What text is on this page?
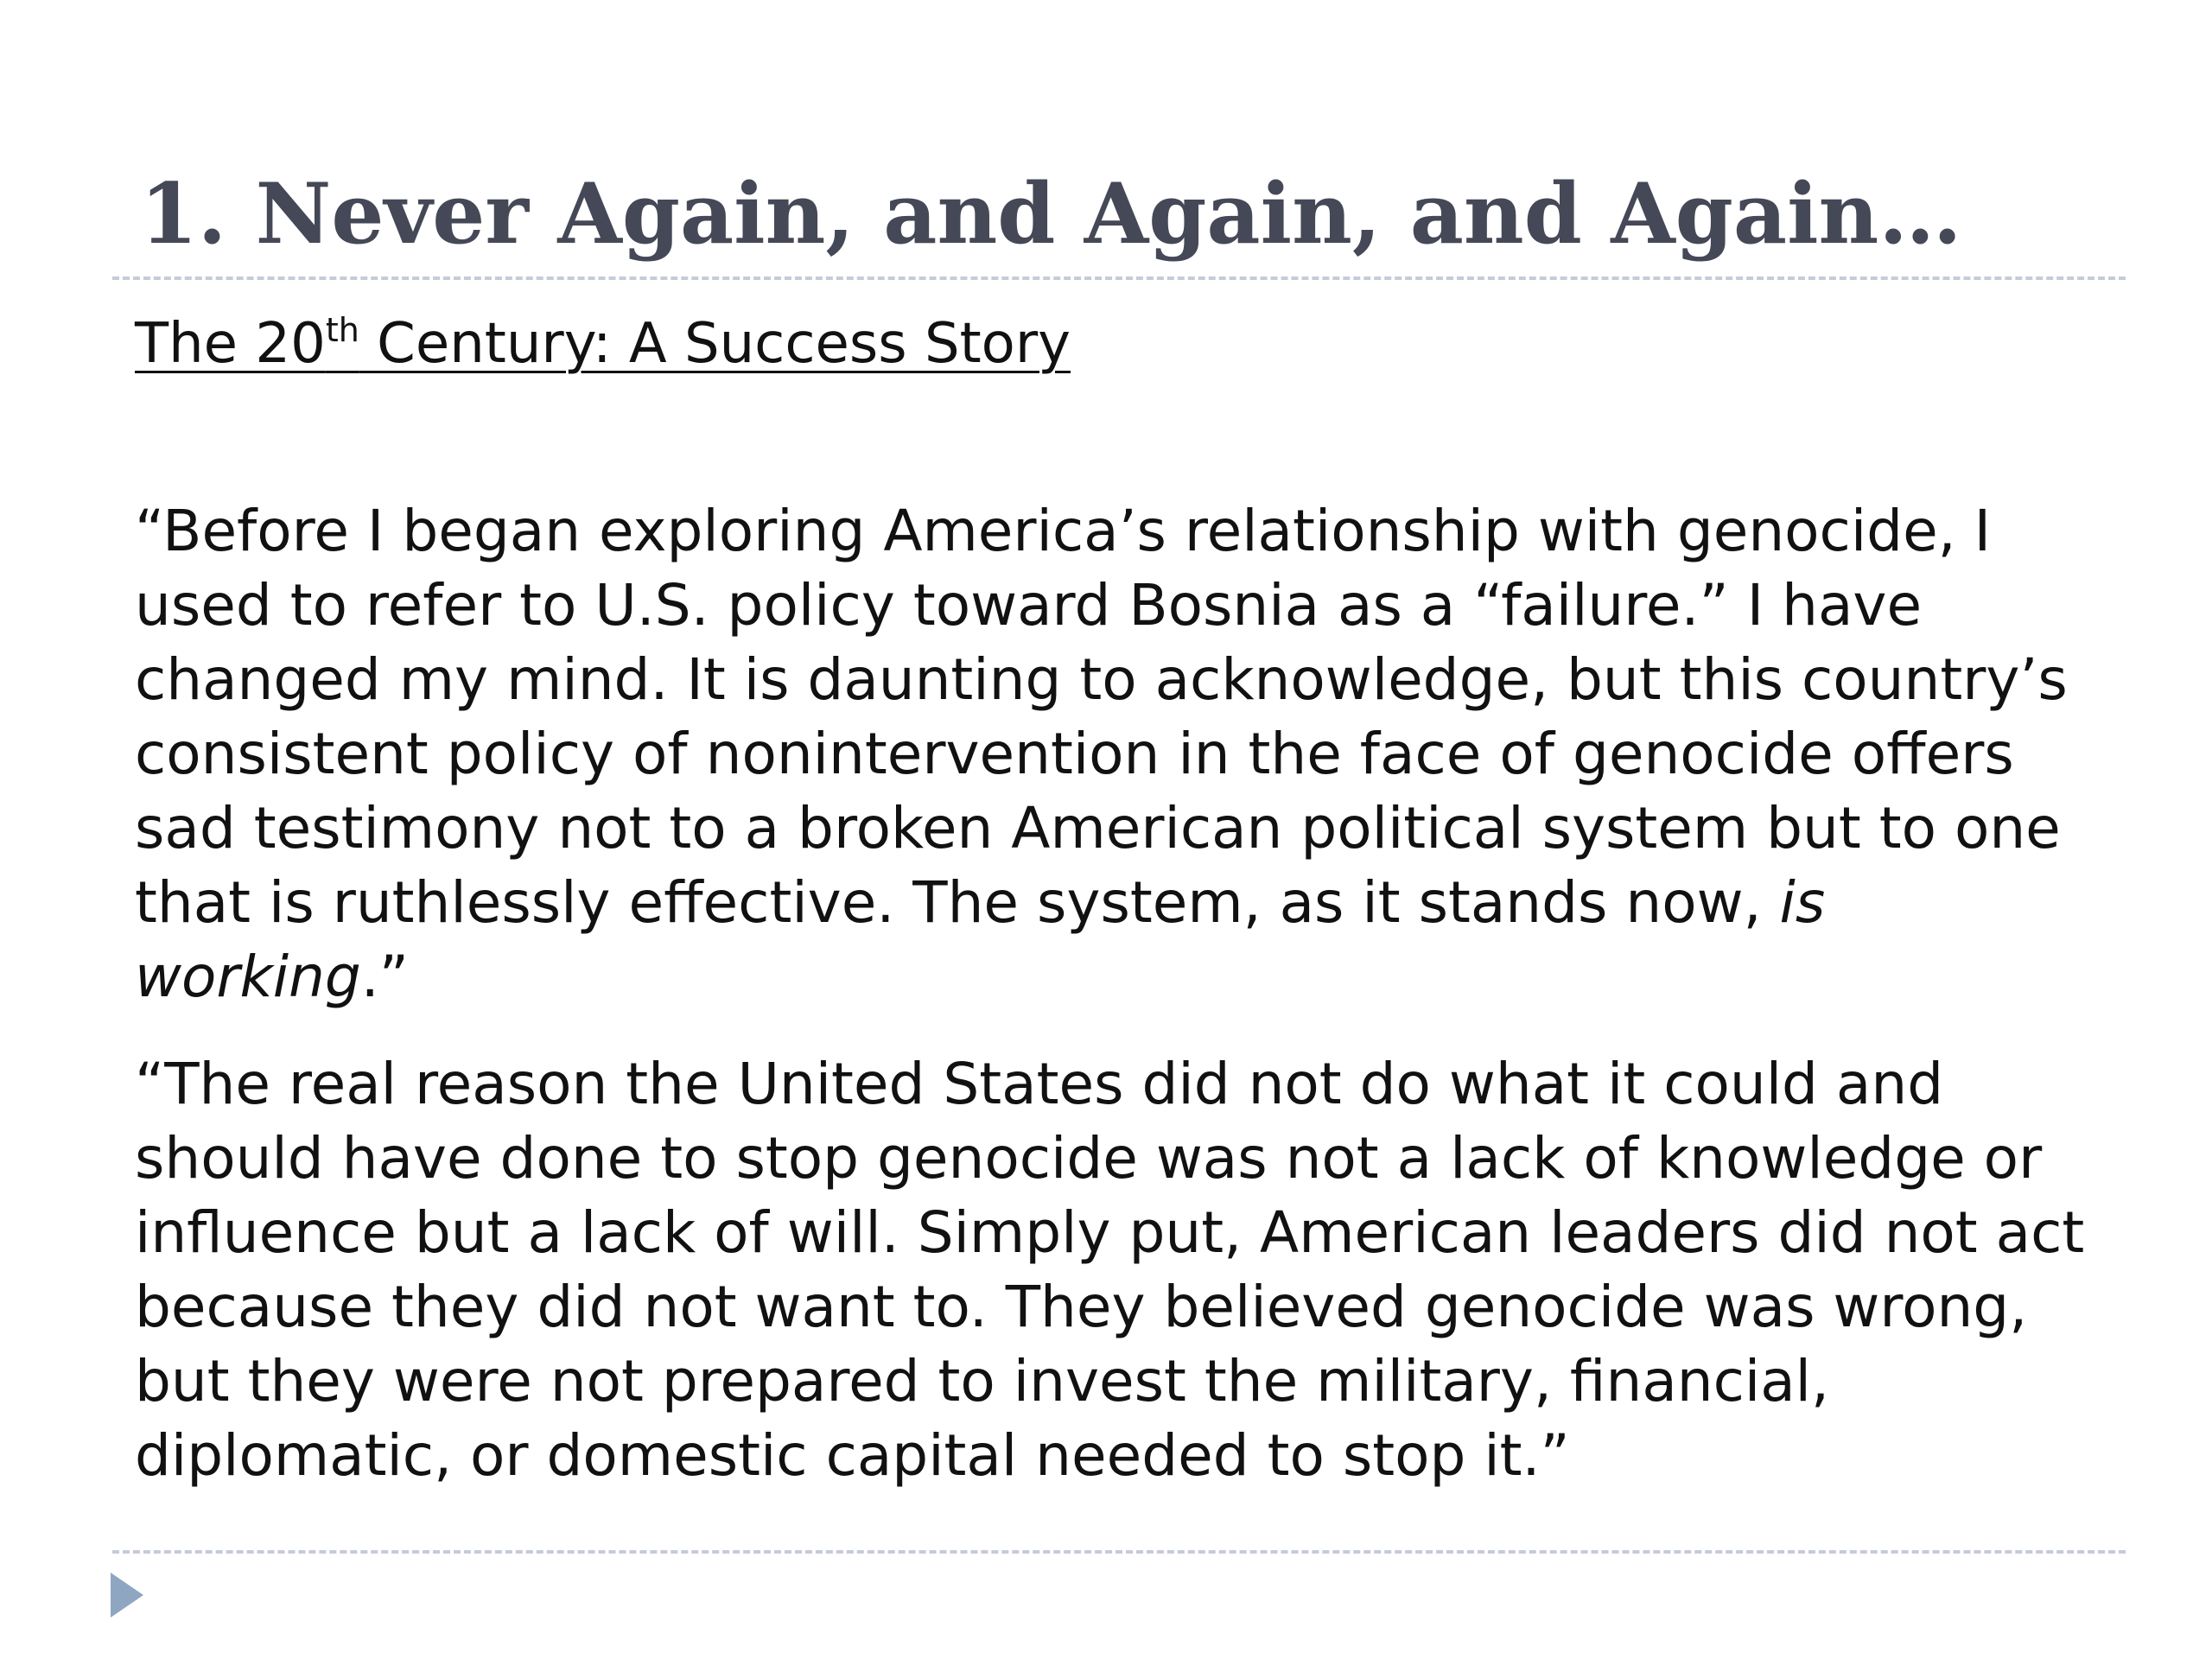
1. Never Again, and Again, and Again…
The 20th Century: A Success Story

“Before I began exploring America’s relationship with genocide, I used to refer to U.S. policy toward Bosnia as a “failure.” I have changed my mind. It is daunting to acknowledge, but this country’s consistent policy of nonintervention in the face of genocide offers sad testimony not to a broken American political system but to one that is ruthlessly effective. The system, as it stands now, is working.”

“The real reason the United States did not do what it could and should have done to stop genocide was not a lack of knowledge or influence but a lack of will. Simply put, American leaders did not act because they did not want to. They believed genocide was wrong, but they were not prepared to invest the military, financial, diplomatic, or domestic capital needed to stop it.”
